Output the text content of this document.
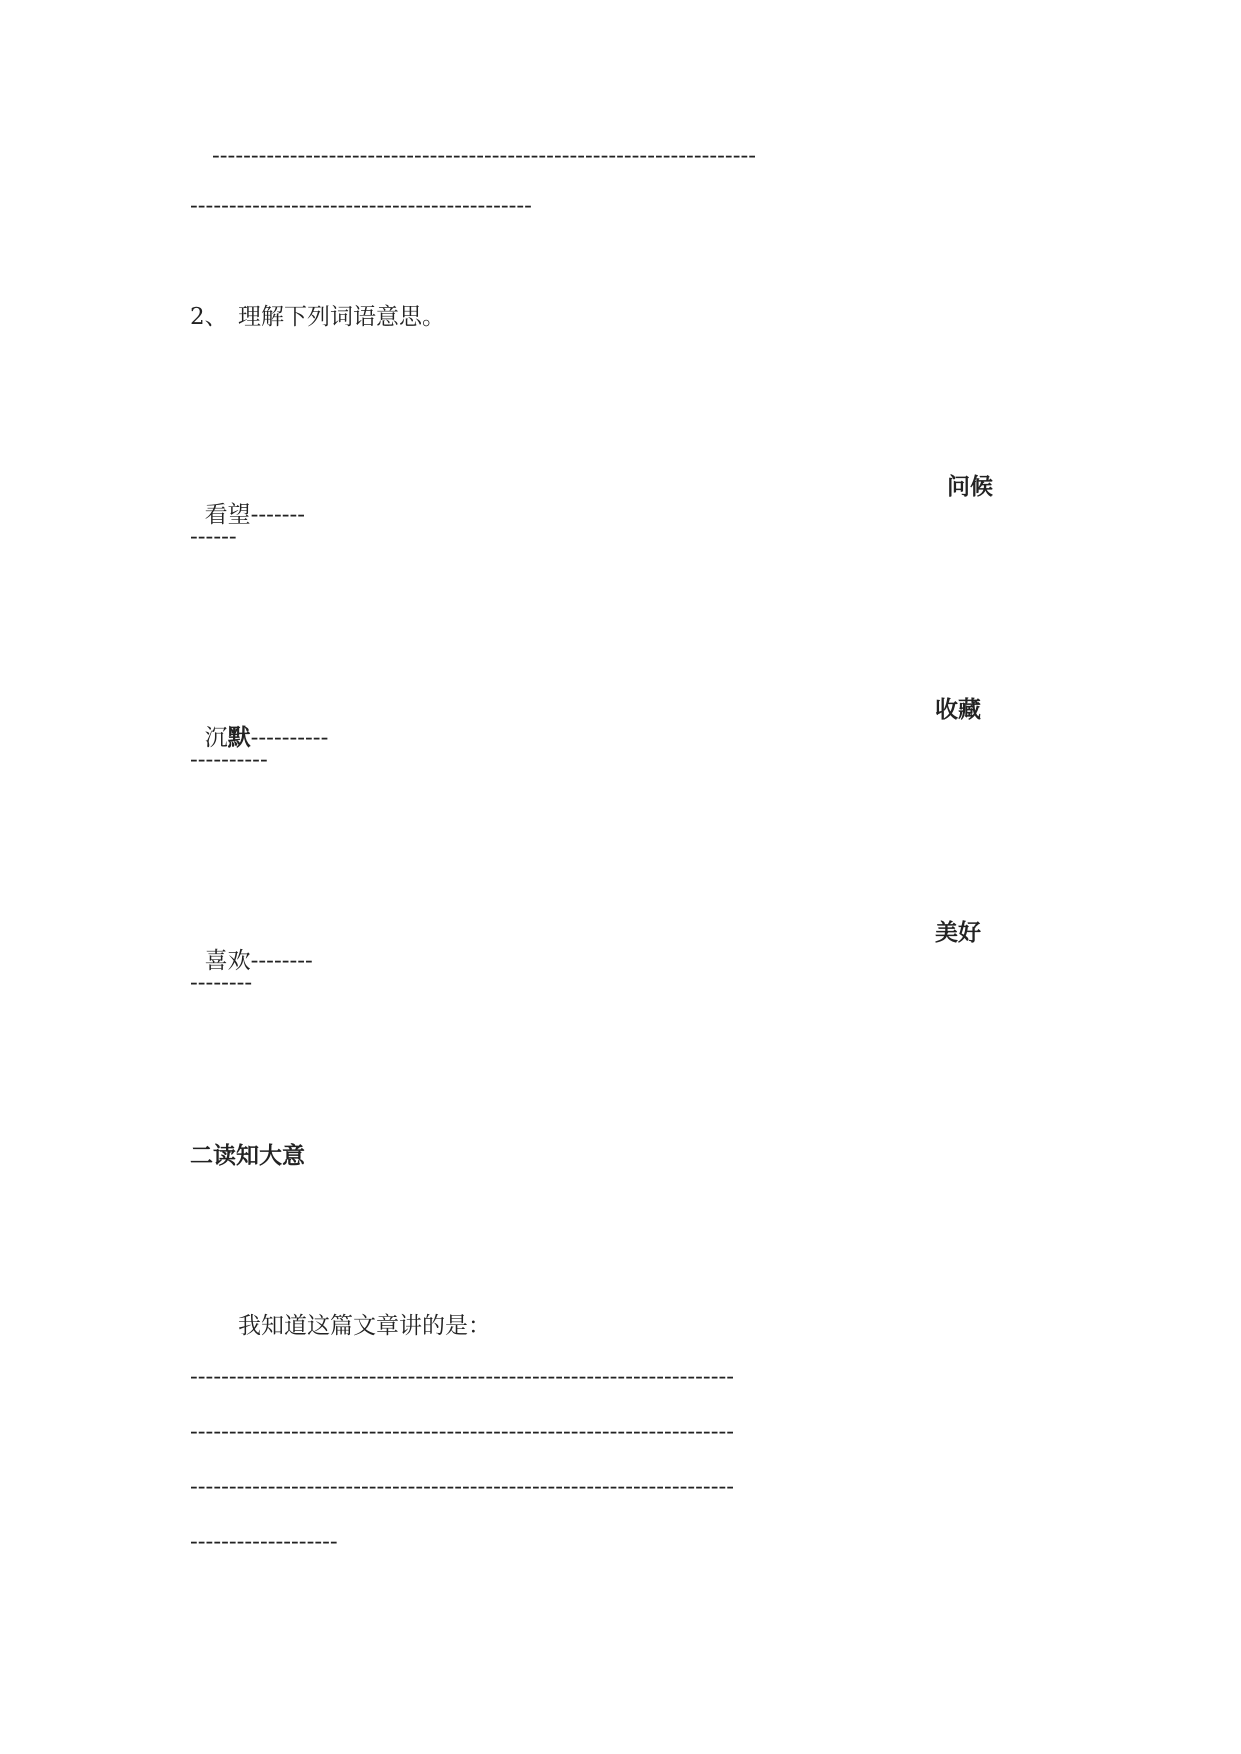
----------------------------------------------------------------------
--------------------------------------------
2、 理解下列词语意思。

看望-------

问候
------

沉默----------

收藏
----------

喜欢--------

美好
--------
二读知大意
我知道这篇文章讲的是：
----------------------------------------------------------------------
----------------------------------------------------------------------
----------------------------------------------------------------------
-------------------
